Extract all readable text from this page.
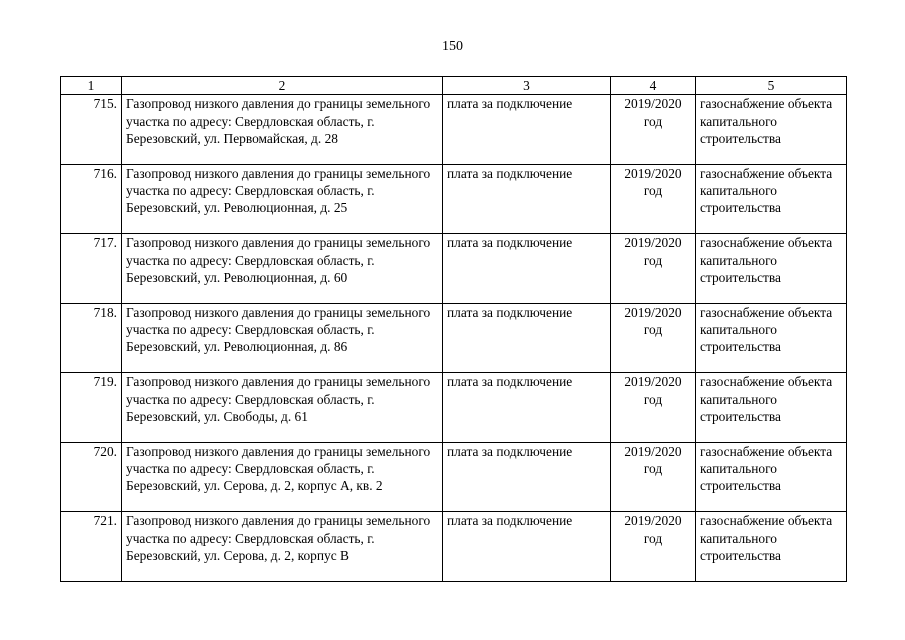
150
1	2	3	4	5
715.	Газопровод низкого давления до границы земельного участка по адресу: Свердловская область, г. Березовский, ул. Первомайская, д. 28	плата за подключение	2019/2020 год	газоснабжение объекта капитального строительства
716.	Газопровод низкого давления до границы земельного участка по адресу: Свердловская область, г. Березовский, ул. Революционная, д. 25	плата за подключение	2019/2020 год	газоснабжение объекта капитального строительства
717.	Газопровод низкого давления до границы земельного участка по адресу: Свердловская область, г. Березовский, ул. Революционная, д. 60	плата за подключение	2019/2020 год	газоснабжение объекта капитального строительства
718.	Газопровод низкого давления до границы земельного участка по адресу: Свердловская область, г. Березовский, ул. Революционная, д. 86	плата за подключение	2019/2020 год	газоснабжение объекта капитального строительства
719.	Газопровод низкого давления до границы земельного участка по адресу: Свердловская область, г. Березовский, ул. Свободы, д. 61	плата за подключение	2019/2020 год	газоснабжение объекта капитального строительства
720.	Газопровод низкого давления до границы земельного участка по адресу: Свердловская область, г. Березовский, ул. Серова, д. 2, корпус А, кв. 2	плата за подключение	2019/2020 год	газоснабжение объекта капитального строительства
721.	Газопровод низкого давления до границы земельного участка по адресу: Свердловская область, г. Березовский, ул. Серова, д. 2, корпус В	плата за подключение	2019/2020 год	газоснабжение объекта капитального строительства
